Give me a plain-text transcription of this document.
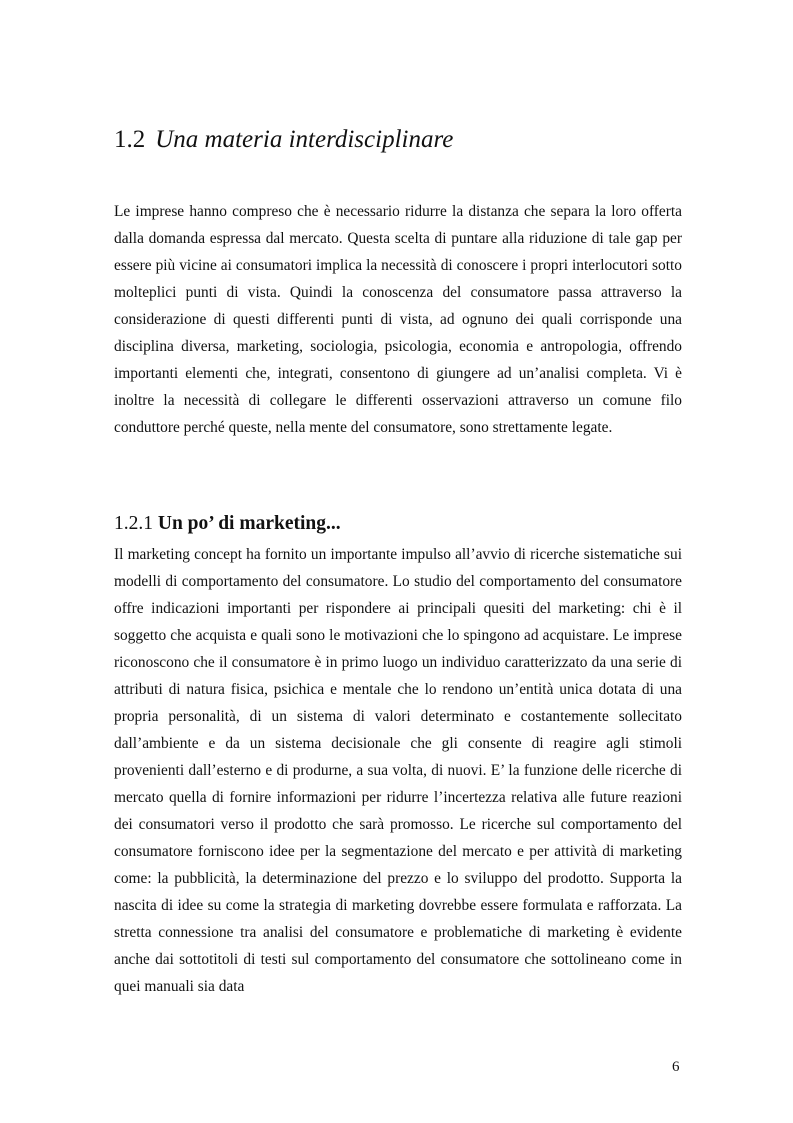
1.2 Una materia interdisciplinare

Le imprese hanno compreso che è necessario ridurre la distanza che separa la loro offerta dalla domanda espressa dal mercato. Questa scelta di puntare alla riduzione di tale gap per essere più vicine ai consumatori implica la necessità di conoscere i propri interlocutori sotto molteplici punti di vista. Quindi la conoscenza del consumatore passa attraverso la considerazione di questi differenti punti di vista, ad ognuno dei quali corrisponde una disciplina diversa, marketing, sociologia, psicologia, economia e antropologia, offrendo importanti elementi che, integrati, consentono di giungere ad un’analisi completa. Vi è inoltre la necessità di collegare le differenti osservazioni attraverso un comune filo conduttore perché queste, nella mente del consumatore, sono strettamente legate.

1.2.1 Un po’ di marketing...

Il marketing concept ha fornito un importante impulso all’avvio di ricerche sistematiche sui modelli di comportamento del consumatore. Lo studio del comportamento del consumatore offre indicazioni importanti per rispondere ai principali quesiti del marketing: chi è il soggetto che acquista e quali sono le motivazioni che lo spingono ad acquistare. Le imprese riconoscono che il consumatore è in primo luogo un individuo caratterizzato da una serie di attributi di natura fisica, psichica e mentale che lo rendono un’entità unica dotata di una propria personalità, di un sistema di valori determinato e costantemente sollecitato dall’ambiente e da un sistema decisionale che gli consente di reagire agli stimoli provenienti dall’esterno e di produrne, a sua volta, di nuovi. E’ la funzione delle ricerche di mercato quella di fornire informazioni per ridurre l’incertezza relativa alle future reazioni dei consumatori verso il prodotto che sarà promosso. Le ricerche sul comportamento del consumatore forniscono idee per la segmentazione del mercato e per attività di marketing come: la pubblicità, la determinazione del prezzo e lo sviluppo del prodotto. Supporta la nascita di idee su come la strategia di marketing dovrebbe essere formulata e rafforzata. La stretta connessione tra analisi del consumatore e problematiche di marketing è evidente anche dai sottotitoli di testi sul comportamento del consumatore che sottolineano come in quei manuali sia data

6
